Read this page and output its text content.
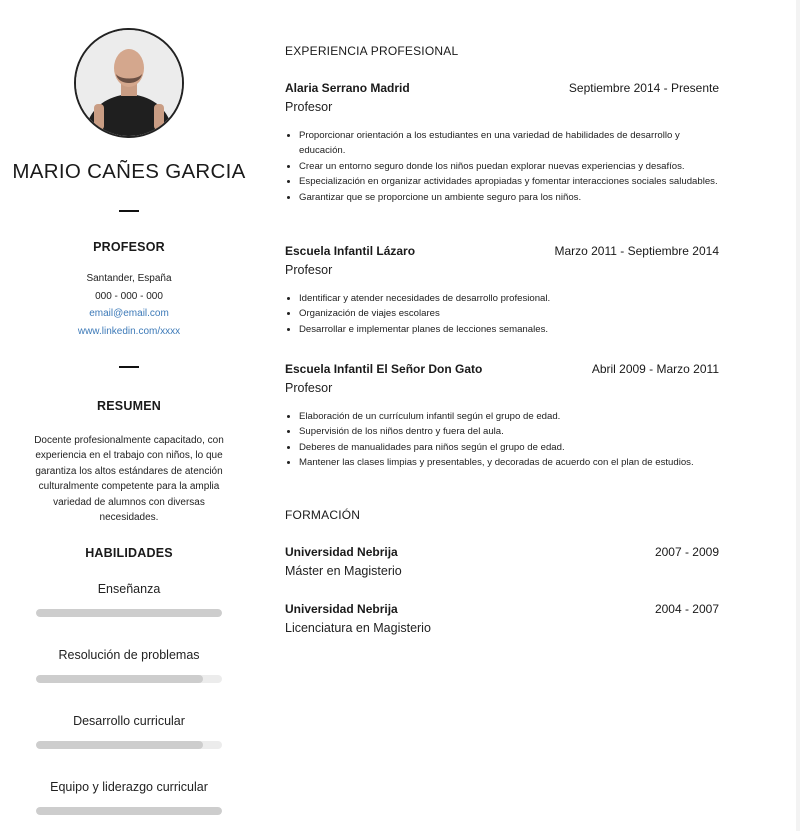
MARIO CAÑES GARCIA
PROFESOR
Santander, España
000 - 000 - 000
email@email.com
www.linkedin.com/xxxx
RESUMEN
Docente profesionalmente capacitado, con experiencia en el trabajo con niños, lo que garantiza los altos estándares de atención culturalmente competente para la amplia variedad de alumnos con diversas necesidades.
HABILIDADES
Enseñanza
Resolución de problemas
Desarrollo curricular
Equipo y liderazgo curricular
EXPERIENCIA PROFESIONAL
Alaria Serrano Madrid	Septiembre 2014 - Presente
Profesor
• Proporcionar orientación a los estudiantes en una variedad de habilidades de desarrollo y educación.
• Crear un entorno seguro donde los niños puedan explorar nuevas experiencias y desafíos.
• Especialización en organizar actividades apropiadas y fomentar interacciones sociales saludables.
• Garantizar que se proporcione un ambiente seguro para los niños.
Escuela Infantil Lázaro	Marzo 2011 - Septiembre 2014
Profesor
• Identificar y atender necesidades de desarrollo profesional.
• Organización de viajes escolares
• Desarrollar e implementar planes de lecciones semanales.
Escuela Infantil El Señor Don Gato	Abril 2009 - Marzo 2011
Profesor
• Elaboración de un currículum infantil según el grupo de edad.
• Supervisión de los niños dentro y fuera del aula.
• Deberes de manualidades para niños según el grupo de edad.
• Mantener las clases limpias y presentables, y decoradas de acuerdo con el plan de estudios.
FORMACIÓN
Universidad Nebrija	2007 - 2009
Máster en Magisterio
Universidad Nebrija	2004 - 2007
Licenciatura en Magisterio
